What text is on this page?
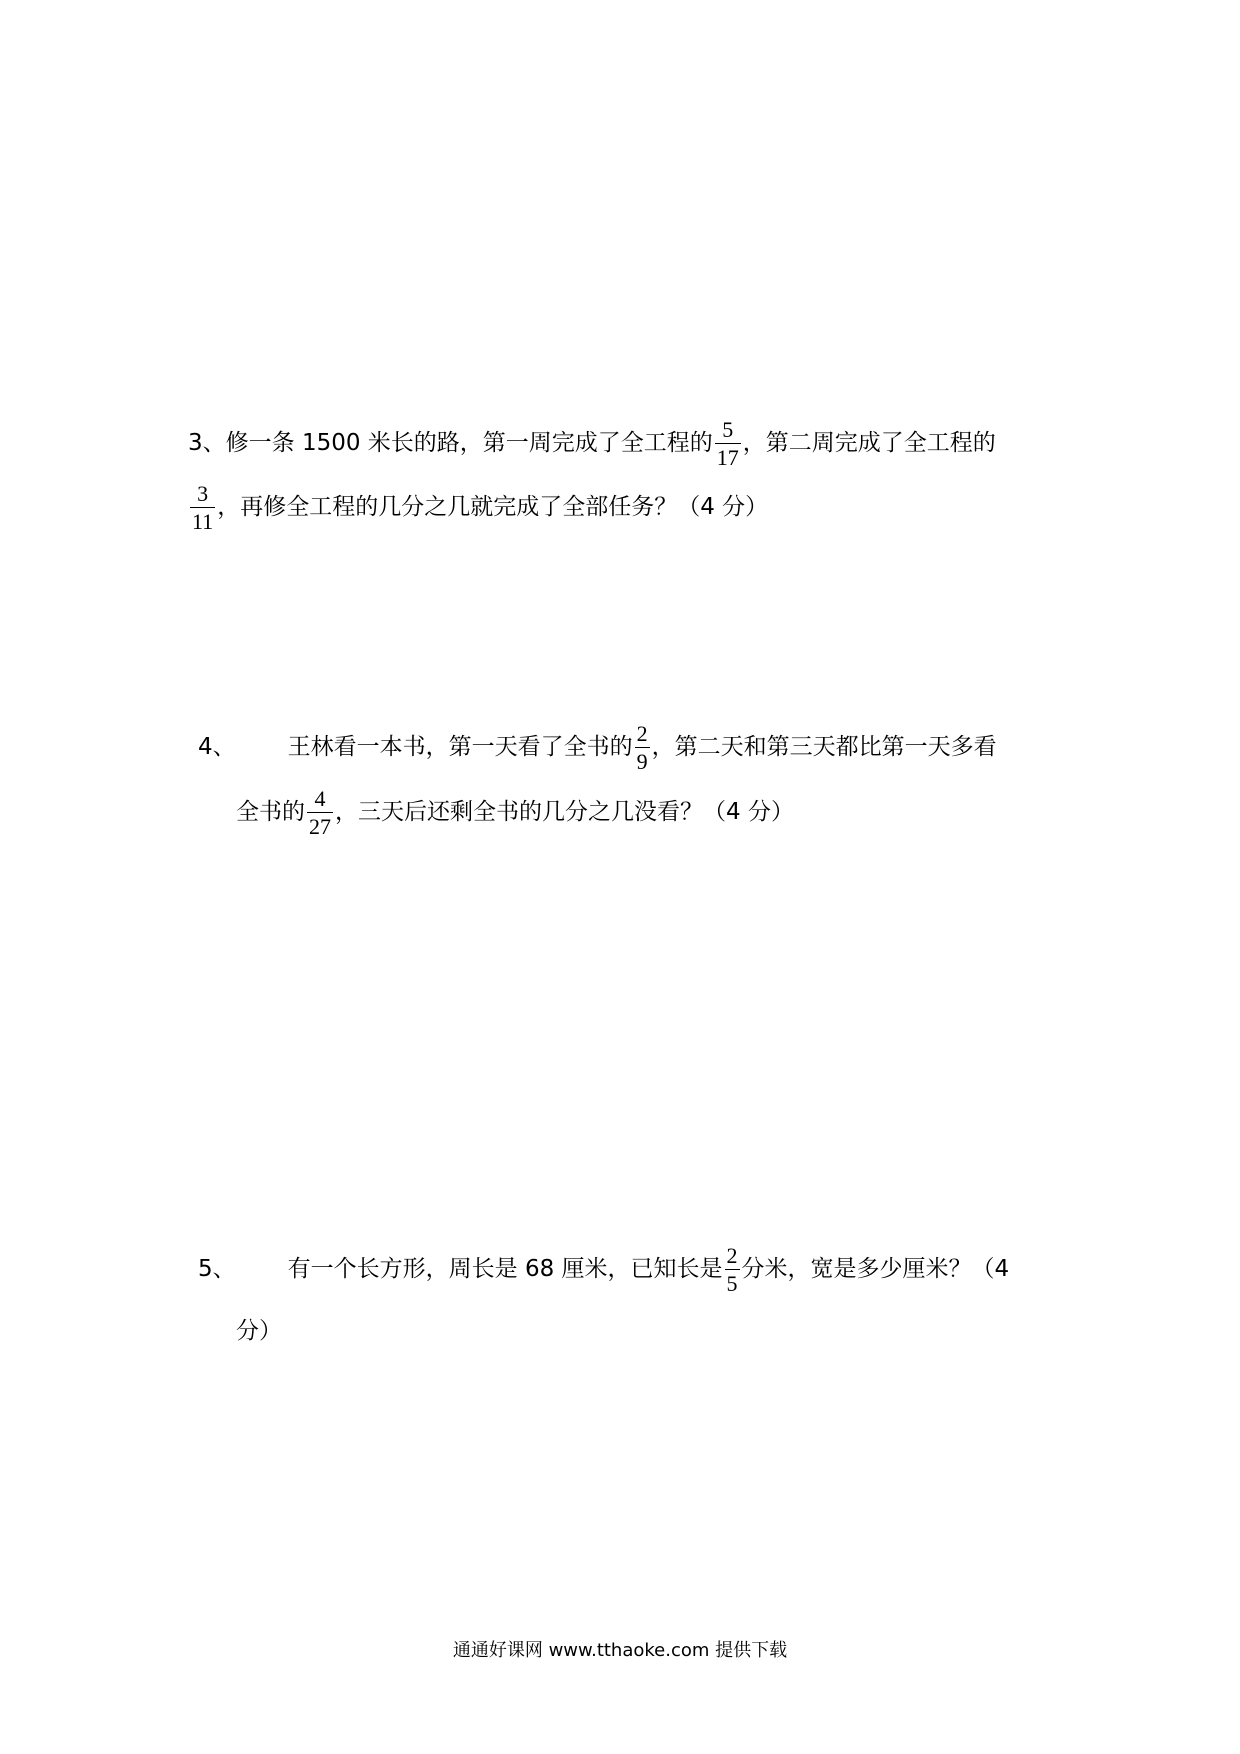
3、修一条 1500 米长的路，第一周完成了全工程的 $\frac{5}{17}$ ，第二周完成了全工程的
$\frac{3}{11}$ ，再修全工程的几分之几就完成了全部任务？（4 分）
4、 王林看一本书，第一天看了全书的 $\frac{2}{9}$ ，第二天和第三天都比第一天多看
全书的 $\frac{4}{27}$ ，三天后还剩全书的几分之几没看？（4 分）
5、 有一个长方形，周长是 68 厘米，已知长是 $\frac{2}{5}$ 分米，宽是多少厘米？（4
分）
通通好课网 www.tthaoke.com 提供下载
